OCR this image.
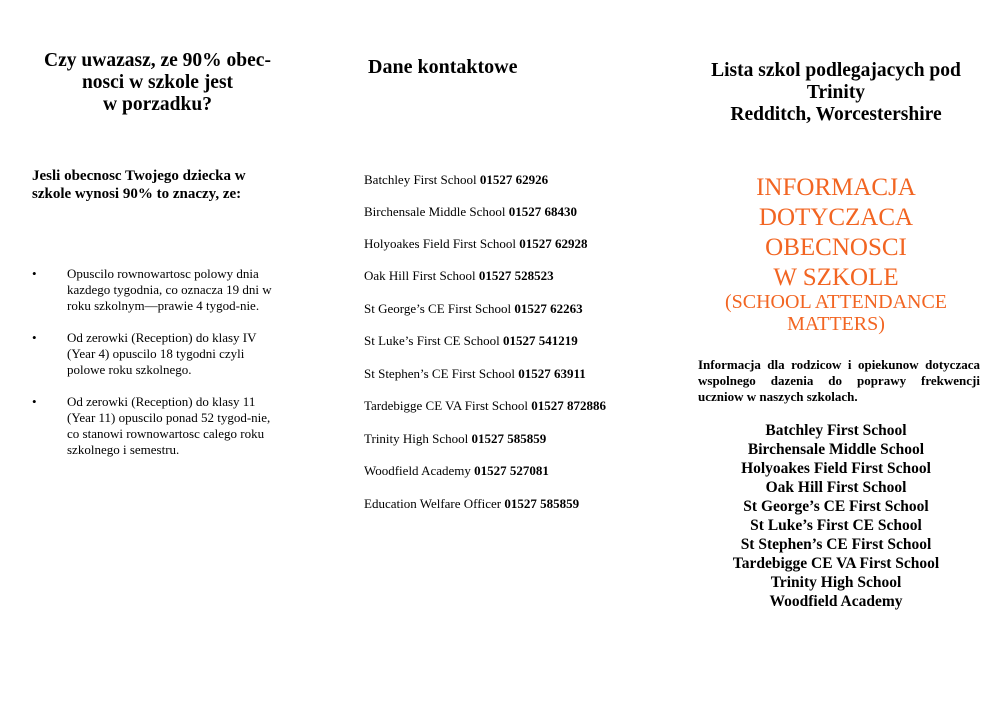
Czy uwazasz, ze 90% obec-
nosci w szkole jest
w porzadku?
Jesli obecnosc Twojego dziecka w szkole wynosi 90% to znaczy, ze:
• Opuscilo rownowartosc polowy dnia kazdego tygodnia, co oznacza 19 dni w roku szkolnym—prawie 4 tygod-nie.
• Od zerowki (Reception) do klasy IV (Year 4) opuscilo 18 tygodni czyli polowe roku szkolnego.
• Od zerowki (Reception) do klasy 11 (Year 11) opuscilo ponad 52 tygod-nie, co stanowi rownowartosc calego roku szkolnego i semestru.
Dane kontaktowe
Batchley First School 01527 62926
Birchensale Middle School 01527 68430
Holyoakes Field First School 01527 62928
Oak Hill First School 01527 528523
St George’s CE First School 01527 62263
St Luke’s First CE School 01527 541219
St Stephen’s CE First School 01527 63911
Tardebigge CE VA First School 01527 872886
Trinity High School 01527 585859
Woodfield Academy 01527 527081
Education Welfare Officer 01527 585859
Lista szkol podlegajacych pod
Trinity
Redditch, Worcestershire
INFORMACJA
DOTYCZACA
OBECNOSCI
W SZKOLE
(SCHOOL ATTENDANCE
MATTERS)
Informacja dla rodzicow i opiekunow dotyczaca wspolnego dazenia do poprawy frekwencji uczniow w naszych szkolach.
Batchley First School
Birchensale Middle School
Holyoakes Field First School
Oak Hill First School
St George’s CE First School
St Luke’s First CE School
St Stephen’s CE First School
Tardebigge CE VA First School
Trinity High School
Woodfield Academy
